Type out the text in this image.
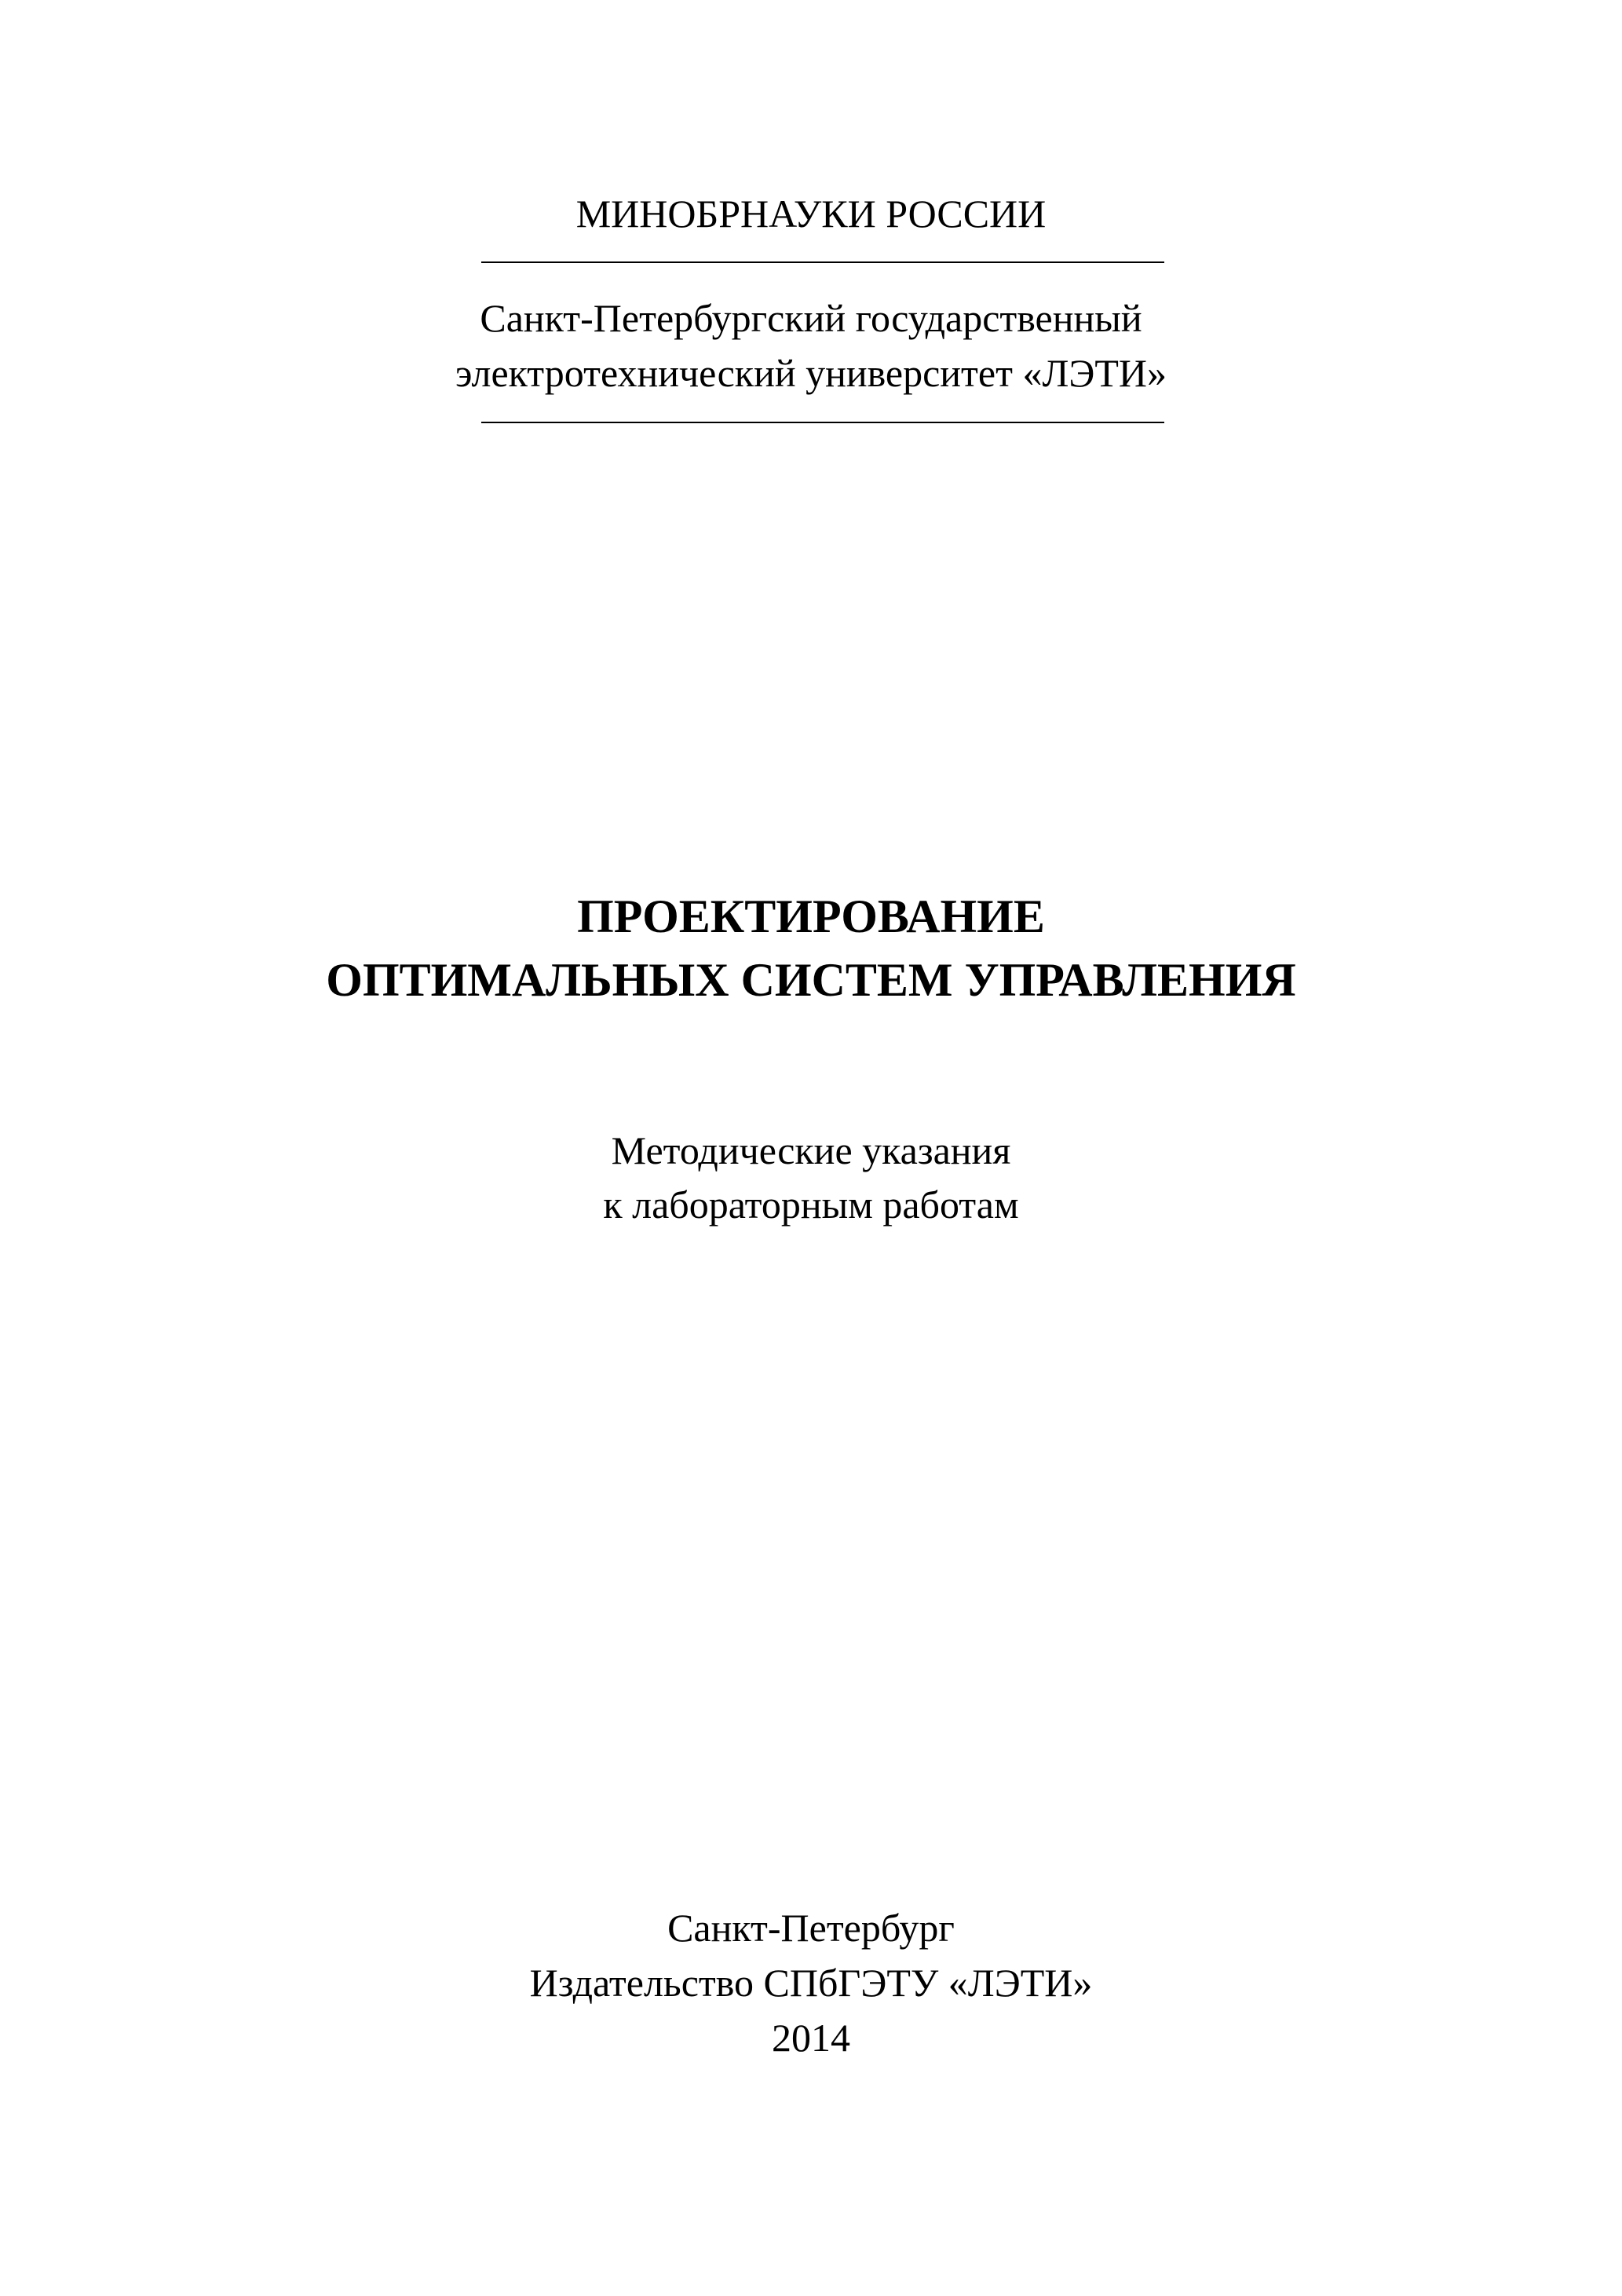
МИНОБРНАУКИ РОССИИ
Санкт-Петербургский государственный
электротехнический университет «ЛЭТИ»
ПРОЕКТИРОВАНИЕ
ОПТИМАЛЬНЫХ СИСТЕМ УПРАВЛЕНИЯ
Методические указания
к лабораторным работам
Санкт-Петербург
Издательство СПбГЭТУ «ЛЭТИ»
2014
